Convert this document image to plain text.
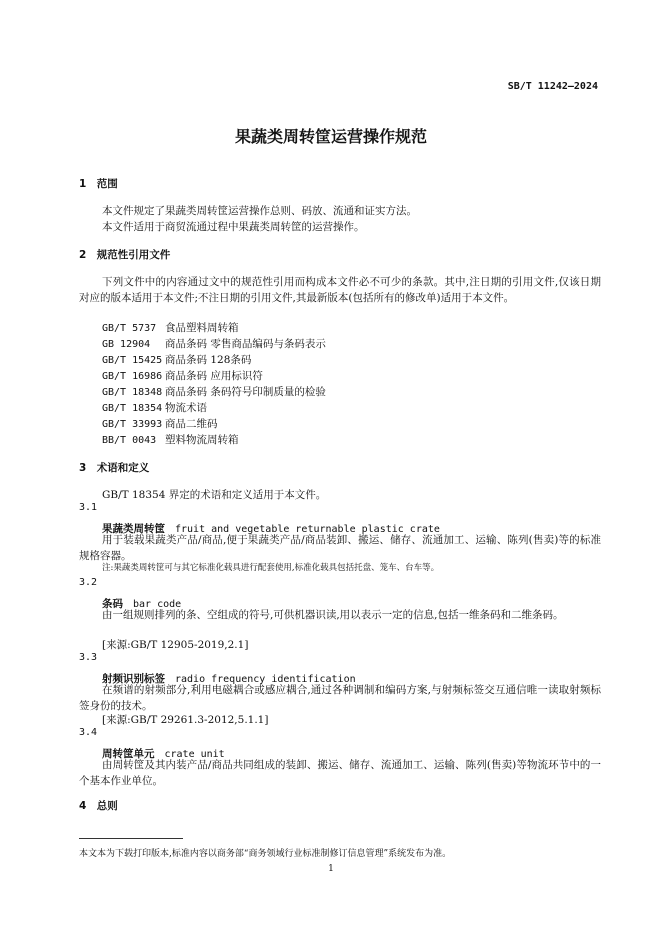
SB/T 11242—2024
果蔬类周转筐运营操作规范
1　范围
本文件规定了果蔬类周转筐运营操作总则、码放、流通和证实方法。
本文件适用于商贸流通过程中果蔬类周转筐的运营操作。
2　规范性引用文件
下列文件中的内容通过文中的规范性引用而构成本文件必不可少的条款。其中,注日期的引用文件,仅该日期对应的版本适用于本文件;不注日期的引用文件,其最新版本(包括所有的修改单)适用于本文件。
GB/T 5737 食品塑料周转箱
GB 12904 商品条码 零售商品编码与条码表示
GB/T 15425 商品条码 128条码
GB/T 16986 商品条码 应用标识符
GB/T 18348 商品条码 条码符号印制质量的检验
GB/T 18354 物流术语
GB/T 33993 商品二维码
BB/T 0043 塑料物流周转箱
3　术语和定义
GB/T 18354 界定的术语和定义适用于本文件。
3.1
果蔬类周转筐 fruit and vegetable returnable plastic crate
用于装载果蔬类产品/商品,便于果蔬类产品/商品装卸、搬运、储存、流通加工、运输、陈列(售卖)等的标准规格容器。
注:果蔬类周转筐可与其它标准化载具进行配套使用,标准化载具包括托盘、笼车、台车等。
3.2
条码 bar code
由一组规则排列的条、空组成的符号,可供机器识读,用以表示一定的信息,包括一维条码和二维条码。
[来源:GB/T 12905-2019,2.1]
3.3
射频识别标签 radio frequency identification
在频谱的射频部分,利用电磁耦合或感应耦合,通过各种调制和编码方案,与射频标签交互通信唯一读取射频标签身份的技术。
[来源:GB/T 29261.3-2012,5.1.1]
3.4
周转筐单元 crate unit
由周转筐及其内装产品/商品共同组成的装卸、搬运、储存、流通加工、运输、陈列(售卖)等物流环节中的一个基本作业单位。
4　总则
本文本为下载打印版本,标准内容以商务部“商务领域行业标准制修订信息管理”系统发布为准。
1
